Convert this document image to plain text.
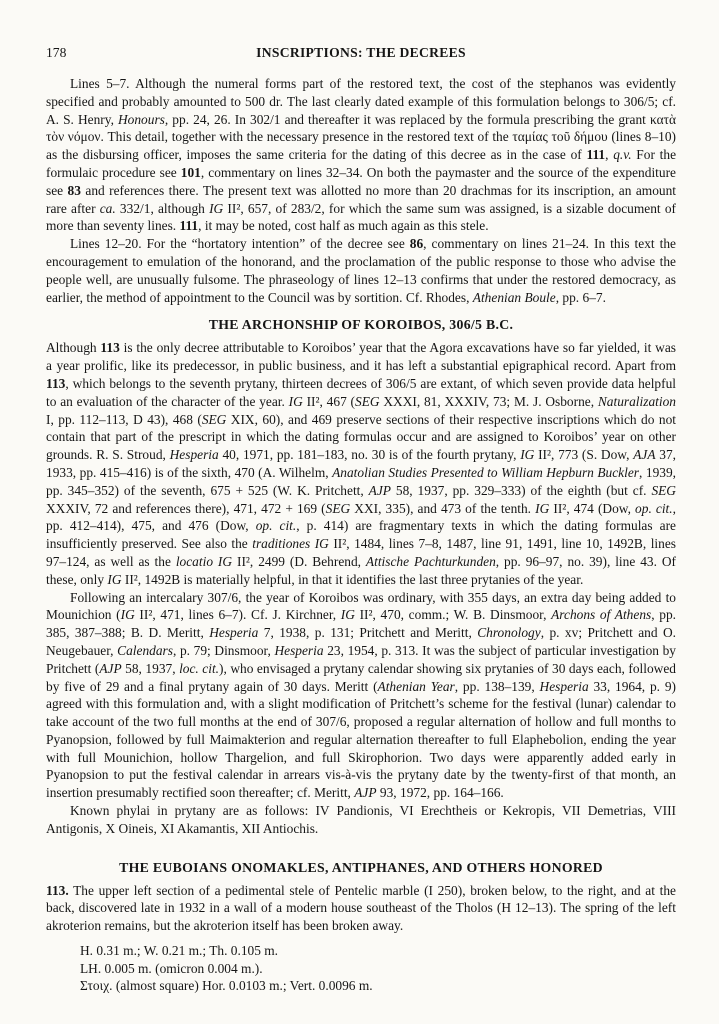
178	INSCRIPTIONS: THE DECREES

Lines 5–7. Although the numeral forms part of the restored text, the cost of the stephanos was evidently specified and probably amounted to 500 dr. The last clearly dated example of this formulation belongs to 306/5; cf. A. S. Henry, Honours, pp. 24, 26. In 302/1 and thereafter it was replaced by the formula prescribing the grant κατὰ τὸν νόμον. This detail, together with the necessary presence in the restored text of the ταμίας τοῦ δήμου (lines 8–10) as the disbursing officer, imposes the same criteria for the dating of this decree as in the case of 111, q.v. For the formulaic procedure see 101, commentary on lines 32–34. On both the paymaster and the source of the expenditure see 83 and references there. The present text was allotted no more than 20 drachmas for its inscription, an amount rare after ca. 332/1, although IG II², 657, of 283/2, for which the same sum was assigned, is a sizable document of more than seventy lines. 111, it may be noted, cost half as much again as this stele.

Lines 12–20. For the “hortatory intention” of the decree see 86, commentary on lines 21–24. In this text the encouragement to emulation of the honorand, and the proclamation of the public response to those who advise the people well, are unusually fulsome. The phraseology of lines 12–13 confirms that under the restored democracy, as earlier, the method of appointment to the Council was by sortition. Cf. Rhodes, Athenian Boule, pp. 6–7.

THE ARCHONSHIP OF KOROIBOS, 306/5 B.C.

Although 113 is the only decree attributable to Koroibos’ year that the Agora excavations have so far yielded, it was a year prolific, like its predecessor, in public business, and it has left a substantial epigraphical record. Apart from 113, which belongs to the seventh prytany, thirteen decrees of 306/5 are extant, of which seven provide data helpful to an evaluation of the character of the year. IG II², 467 (SEG XXXI, 81, XXXIV, 73; M. J. Osborne, Naturalization I, pp. 112–113, D 43), 468 (SEG XIX, 60), and 469 preserve sections of their respective inscriptions which do not contain that part of the prescript in which the dating formulas occur and are assigned to Koroibos’ year on other grounds. R. S. Stroud, Hesperia 40, 1971, pp. 181–183, no. 30 is of the fourth prytany, IG II², 773 (S. Dow, AJA 37, 1933, pp. 415–416) is of the sixth, 470 (A. Wilhelm, Anatolian Studies Presented to William Hepburn Buckler, 1939, pp. 345–352) of the seventh, 675 + 525 (W. K. Pritchett, AJP 58, 1937, pp. 329–333) of the eighth (but cf. SEG XXXIV, 72 and references there), 471, 472 + 169 (SEG XXI, 335), and 473 of the tenth. IG II², 474 (Dow, op. cit., pp. 412–414), 475, and 476 (Dow, op. cit., p. 414) are fragmentary texts in which the dating formulas are insufficiently preserved. See also the traditiones IG II², 1484, lines 7–8, 1487, line 91, 1491, line 10, 1492B, lines 97–124, as well as the locatio IG II², 2499 (D. Behrend, Attische Pachturkunden, pp. 96–97, no. 39), line 43. Of these, only IG II², 1492B is materially helpful, in that it identifies the last three prytanies of the year.

Following an intercalary 307/6, the year of Koroibos was ordinary, with 355 days, an extra day being added to Mounichion (IG II², 471, lines 6–7). Cf. J. Kirchner, IG II², 470, comm.; W. B. Dinsmoor, Archons of Athens, pp. 385, 387–388; B. D. Meritt, Hesperia 7, 1938, p. 131; Pritchett and Meritt, Chronology, p. xv; Pritchett and O. Neugebauer, Calendars, p. 79; Dinsmoor, Hesperia 23, 1954, p. 313. It was the subject of particular investigation by Pritchett (AJP 58, 1937, loc. cit.), who envisaged a prytany calendar showing six prytanies of 30 days each, followed by five of 29 and a final prytany again of 30 days. Meritt (Athenian Year, pp. 138–139, Hesperia 33, 1964, p. 9) agreed with this formulation and, with a slight modification of Pritchett’s scheme for the festival (lunar) calendar to take account of the two full months at the end of 307/6, proposed a regular alternation of hollow and full months to Pyanopsion, followed by full Maimakterion and regular alternation thereafter to full Elaphebolion, ending the year with full Mounichion, hollow Thargelion, and full Skirophorion. Two days were apparently added early in Pyanopsion to put the festival calendar in arrears vis-à-vis the prytany date by the twenty-first of that month, an insertion presumably rectified soon thereafter; cf. Meritt, AJP 93, 1972, pp. 164–166.

Known phylai in prytany are as follows: IV Pandionis, VI Erechtheis or Kekropis, VII Demetrias, VIII Antigonis, X Oineis, XI Akamantis, XII Antiochis.

THE EUBOIANS ONOMAKLES, ANTIPHANES, AND OTHERS HONORED

113. The upper left section of a pedimental stele of Pentelic marble (I 250), broken below, to the right, and at the back, discovered late in 1932 in a wall of a modern house southeast of the Tholos (H 12–13). The spring of the left akroterion remains, but the akroterion itself has been broken away.

H. 0.31 m.; W. 0.21 m.; Th. 0.105 m.

LH. 0.005 m. (omicron 0.004 m.).

Στοιχ. (almost square) Hor. 0.0103 m.; Vert. 0.0096 m.
